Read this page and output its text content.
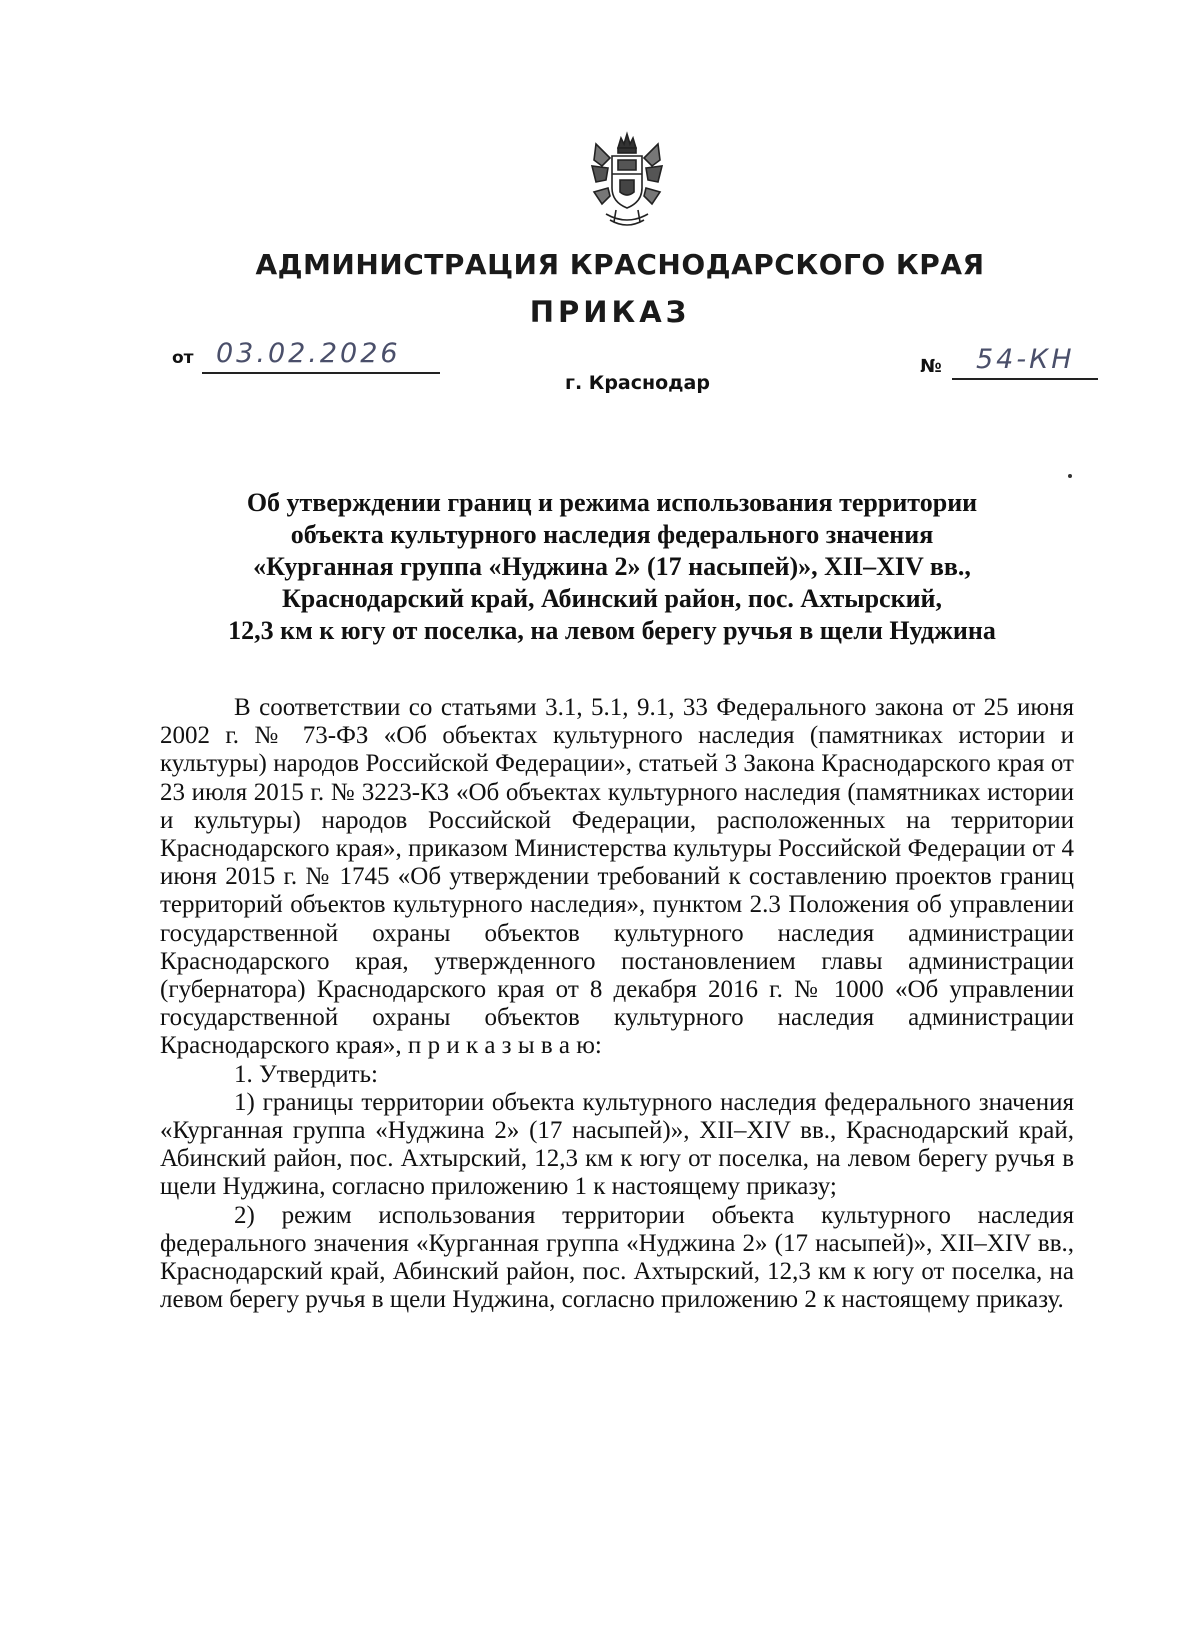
АДМИНИСТРАЦИЯ КРАСНОДАРСКОГО КРАЯ
ПРИКАЗ
от 03.02.2026
г. Краснодар
№ 54-КН
Об утверждении границ и режима использования территории
объекта культурного наследия федерального значения
«Курганная группа «Нуджина 2» (17 насыпей)», XII–XIV вв.,
Краснодарский край, Абинский район, пос. Ахтырский,
12,3 км к югу от поселка, на левом берегу ручья в щели Нуджина

В соответствии со статьями 3.1, 5.1, 9.1, 33 Федерального закона от 25 июня 2002 г. № 73-ФЗ «Об объектах культурного наследия (памятниках истории и культуры) народов Российской Федерации», статьей 3 Закона Краснодарского края от 23 июля 2015 г. № 3223-КЗ «Об объектах культурного наследия (памятниках истории и культуры) народов Российской Федерации, расположенных на территории Краснодарского края», приказом Министерства культуры Российской Федерации от 4 июня 2015 г. № 1745 «Об утверждении требований к составлению проектов границ территорий объектов культурного наследия», пунктом 2.3 Положения об управлении государственной охраны объектов культурного наследия администрации Краснодарского края, утвержденного постановлением главы администрации (губернатора) Краснодарского края от 8 декабря 2016 г. № 1000 «Об управлении государственной охраны объектов культурного наследия администрации Краснодарского края», п р и к а з ы в а ю:

1. Утвердить:

1) границы территории объекта культурного наследия федерального значения «Курганная группа «Нуджина 2» (17 насыпей)», XII–XIV вв., Краснодарский край, Абинский район, пос. Ахтырский, 12,3 км к югу от поселка, на левом берегу ручья в щели Нуджина, согласно приложению 1 к настоящему приказу;

2) режим использования территории объекта культурного наследия федерального значения «Курганная группа «Нуджина 2» (17 насыпей)», XII–XIV вв., Краснодарский край, Абинский район, пос. Ахтырский, 12,3 км к югу от поселка, на левом берегу ручья в щели Нуджина, согласно приложению 2 к настоящему приказу.
